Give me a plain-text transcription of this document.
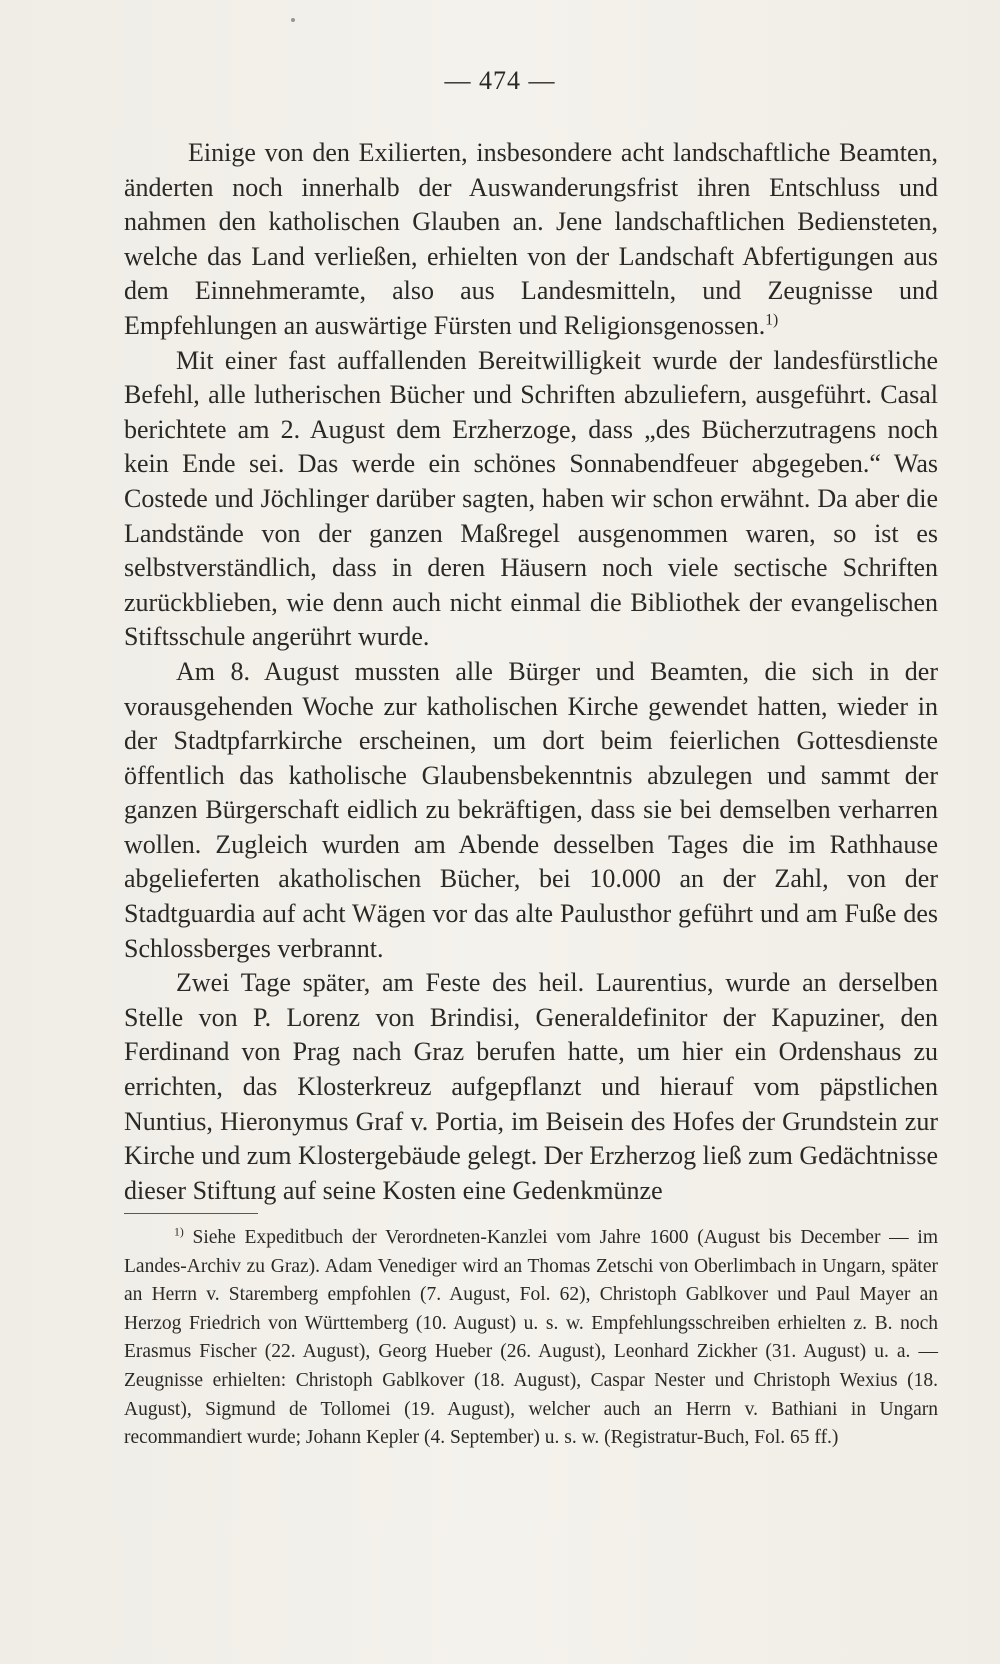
— 474 —

Einige von den Exilierten, insbesondere acht landschaftliche Beamten, änderten noch innerhalb der Auswanderungsfrist ihren Entschluss und nahmen den katholischen Glauben an. Jene landschaftlichen Bediensteten, welche das Land verließen, erhielten von der Landschaft Abfertigungen aus dem Einnehmeramte, also aus Landesmitteln, und Zeugnisse und Empfehlungen an auswärtige Fürsten und Religionsgenossen.$^{1)}$

Mit einer fast auffallenden Bereitwilligkeit wurde der landesfürstliche Befehl, alle lutherischen Bücher und Schriften abzuliefern, ausgeführt. Casal berichtete am 2. August dem Erzherzoge, dass „des Bücherzutragens noch kein Ende sei. Das werde ein schönes Sonnabendfeuer abgegeben.“ Was Costede und Jöchlinger darüber sagten, haben wir schon erwähnt. Da aber die Landstände von der ganzen Maßregel ausgenommen waren, so ist es selbstverständlich, dass in deren Häusern noch viele sectische Schriften zurückblieben, wie denn auch nicht einmal die Bibliothek der evangelischen Stiftsschule angerührt wurde.

Am 8. August mussten alle Bürger und Beamten, die sich in der vorausgehenden Woche zur katholischen Kirche gewendet hatten, wieder in der Stadtpfarrkirche erscheinen, um dort beim feierlichen Gottesdienste öffentlich das katholische Glaubensbekenntnis abzulegen und sammt der ganzen Bürgerschaft eidlich zu bekräftigen, dass sie bei demselben verharren wollen. Zugleich wurden am Abende desselben Tages die im Rathhause abgelieferten akatholischen Bücher, bei 10.000 an der Zahl, von der Stadtguardia auf acht Wägen vor das alte Paulusthor geführt und am Fuße des Schlossberges verbrannt.

Zwei Tage später, am Feste des heil. Laurentius, wurde an derselben Stelle von P. Lorenz von Brindisi, Generaldefinitor der Kapuziner, den Ferdinand von Prag nach Graz berufen hatte, um hier ein Ordenshaus zu errichten, das Klosterkreuz aufgepflanzt und hierauf vom päpstlichen Nuntius, Hieronymus Graf v. Portia, im Beisein des Hofes der Grundstein zur Kirche und zum Klostergebäude gelegt. Der Erzherzog ließ zum Gedächtnisse dieser Stiftung auf seine Kosten eine Gedenkmünze

$^{1)}$ Siehe Expeditbuch der Verordneten-Kanzlei vom Jahre 1600 (August bis December — im Landes-Archiv zu Graz). Adam Venediger wird an Thomas Zetschi von Oberlimbach in Ungarn, später an Herrn v. Staremberg empfohlen (7. August, Fol. 62), Christoph Gablkover und Paul Mayer an Herzog Friedrich von Württemberg (10. August) u. s. w. Empfehlungsschreiben erhielten z. B. noch Erasmus Fischer (22. August), Georg Hueber (26. August), Leonhard Zickher (31. August) u. a. — Zeugnisse erhielten: Christoph Gablkover (18. August), Caspar Nester und Christoph Wexius (18. August), Sigmund de Tollomei (19. August), welcher auch an Herrn v. Bathiani in Ungarn recommandiert wurde; Johann Kepler (4. September) u. s. w. (Registratur-Buch, Fol. 65 ff.)
